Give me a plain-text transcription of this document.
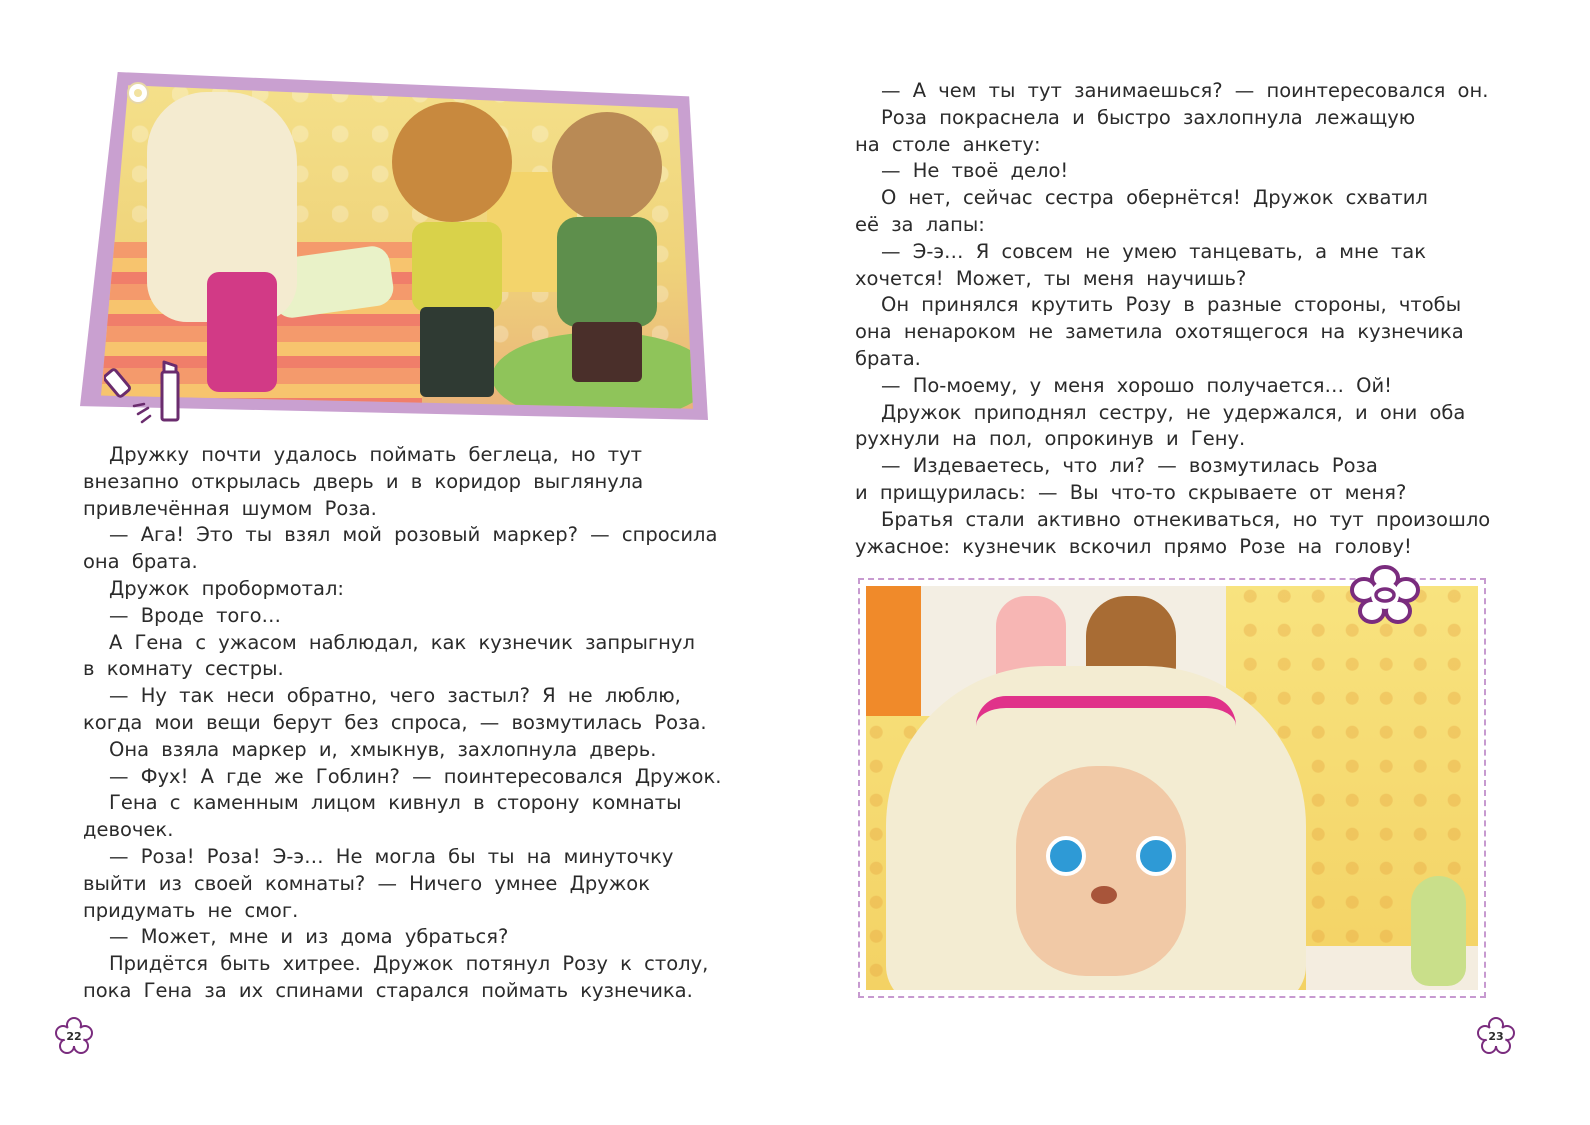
Дружку почти удалось поймать беглеца, но тут
внезапно открылась дверь и в коридор выглянула
привлечённая шумом Роза.
— Ага! Это ты взял мой розовый маркер? — спросила
она брата.
Дружок пробормотал:
— Вроде того…
А Гена с ужасом наблюдал, как кузнечик запрыгнул
в комнату сестры.
— Ну так неси обратно, чего застыл? Я не люблю,
когда мои вещи берут без спроса, — возмутилась Роза.
Она взяла маркер и, хмыкнув, захлопнула дверь.
— Фух! А где же Гоблин? — поинтересовался Дружок.
Гена с каменным лицом кивнул в сторону комнаты
девочек.
— Роза! Роза! Э-э… Не могла бы ты на минуточку
выйти из своей комнаты? — Ничего умнее Дружок
придумать не смог.
— Может, мне и из дома убраться?
Придётся быть хитрее. Дружок потянул Розу к столу,
пока Гена за их спинами старался поймать кузнечика.
22
— А чем ты тут занимаешься? — поинтересовался он.
Роза покраснела и быстро захлопнула лежащую
на столе анкету:
— Не твоё дело!
О нет, сейчас сестра обернётся! Дружок схватил
её за лапы:
— Э-э… Я совсем не умею танцевать, а мне так
хочется! Может, ты меня научишь?
Он принялся крутить Розу в разные стороны, чтобы
она ненароком не заметила охотящегося на кузнечика
брата.
— По-моему, у меня хорошо получается… Ой!
Дружок приподнял сестру, не удержался, и они оба
рухнули на пол, опрокинув и Гену.
— Издеваетесь, что ли? — возмутилась Роза
и прищурилась: — Вы что-то скрываете от меня?
Братья стали активно отнекиваться, но тут произошло
ужасное: кузнечик вскочил прямо Розе на голову!
23
